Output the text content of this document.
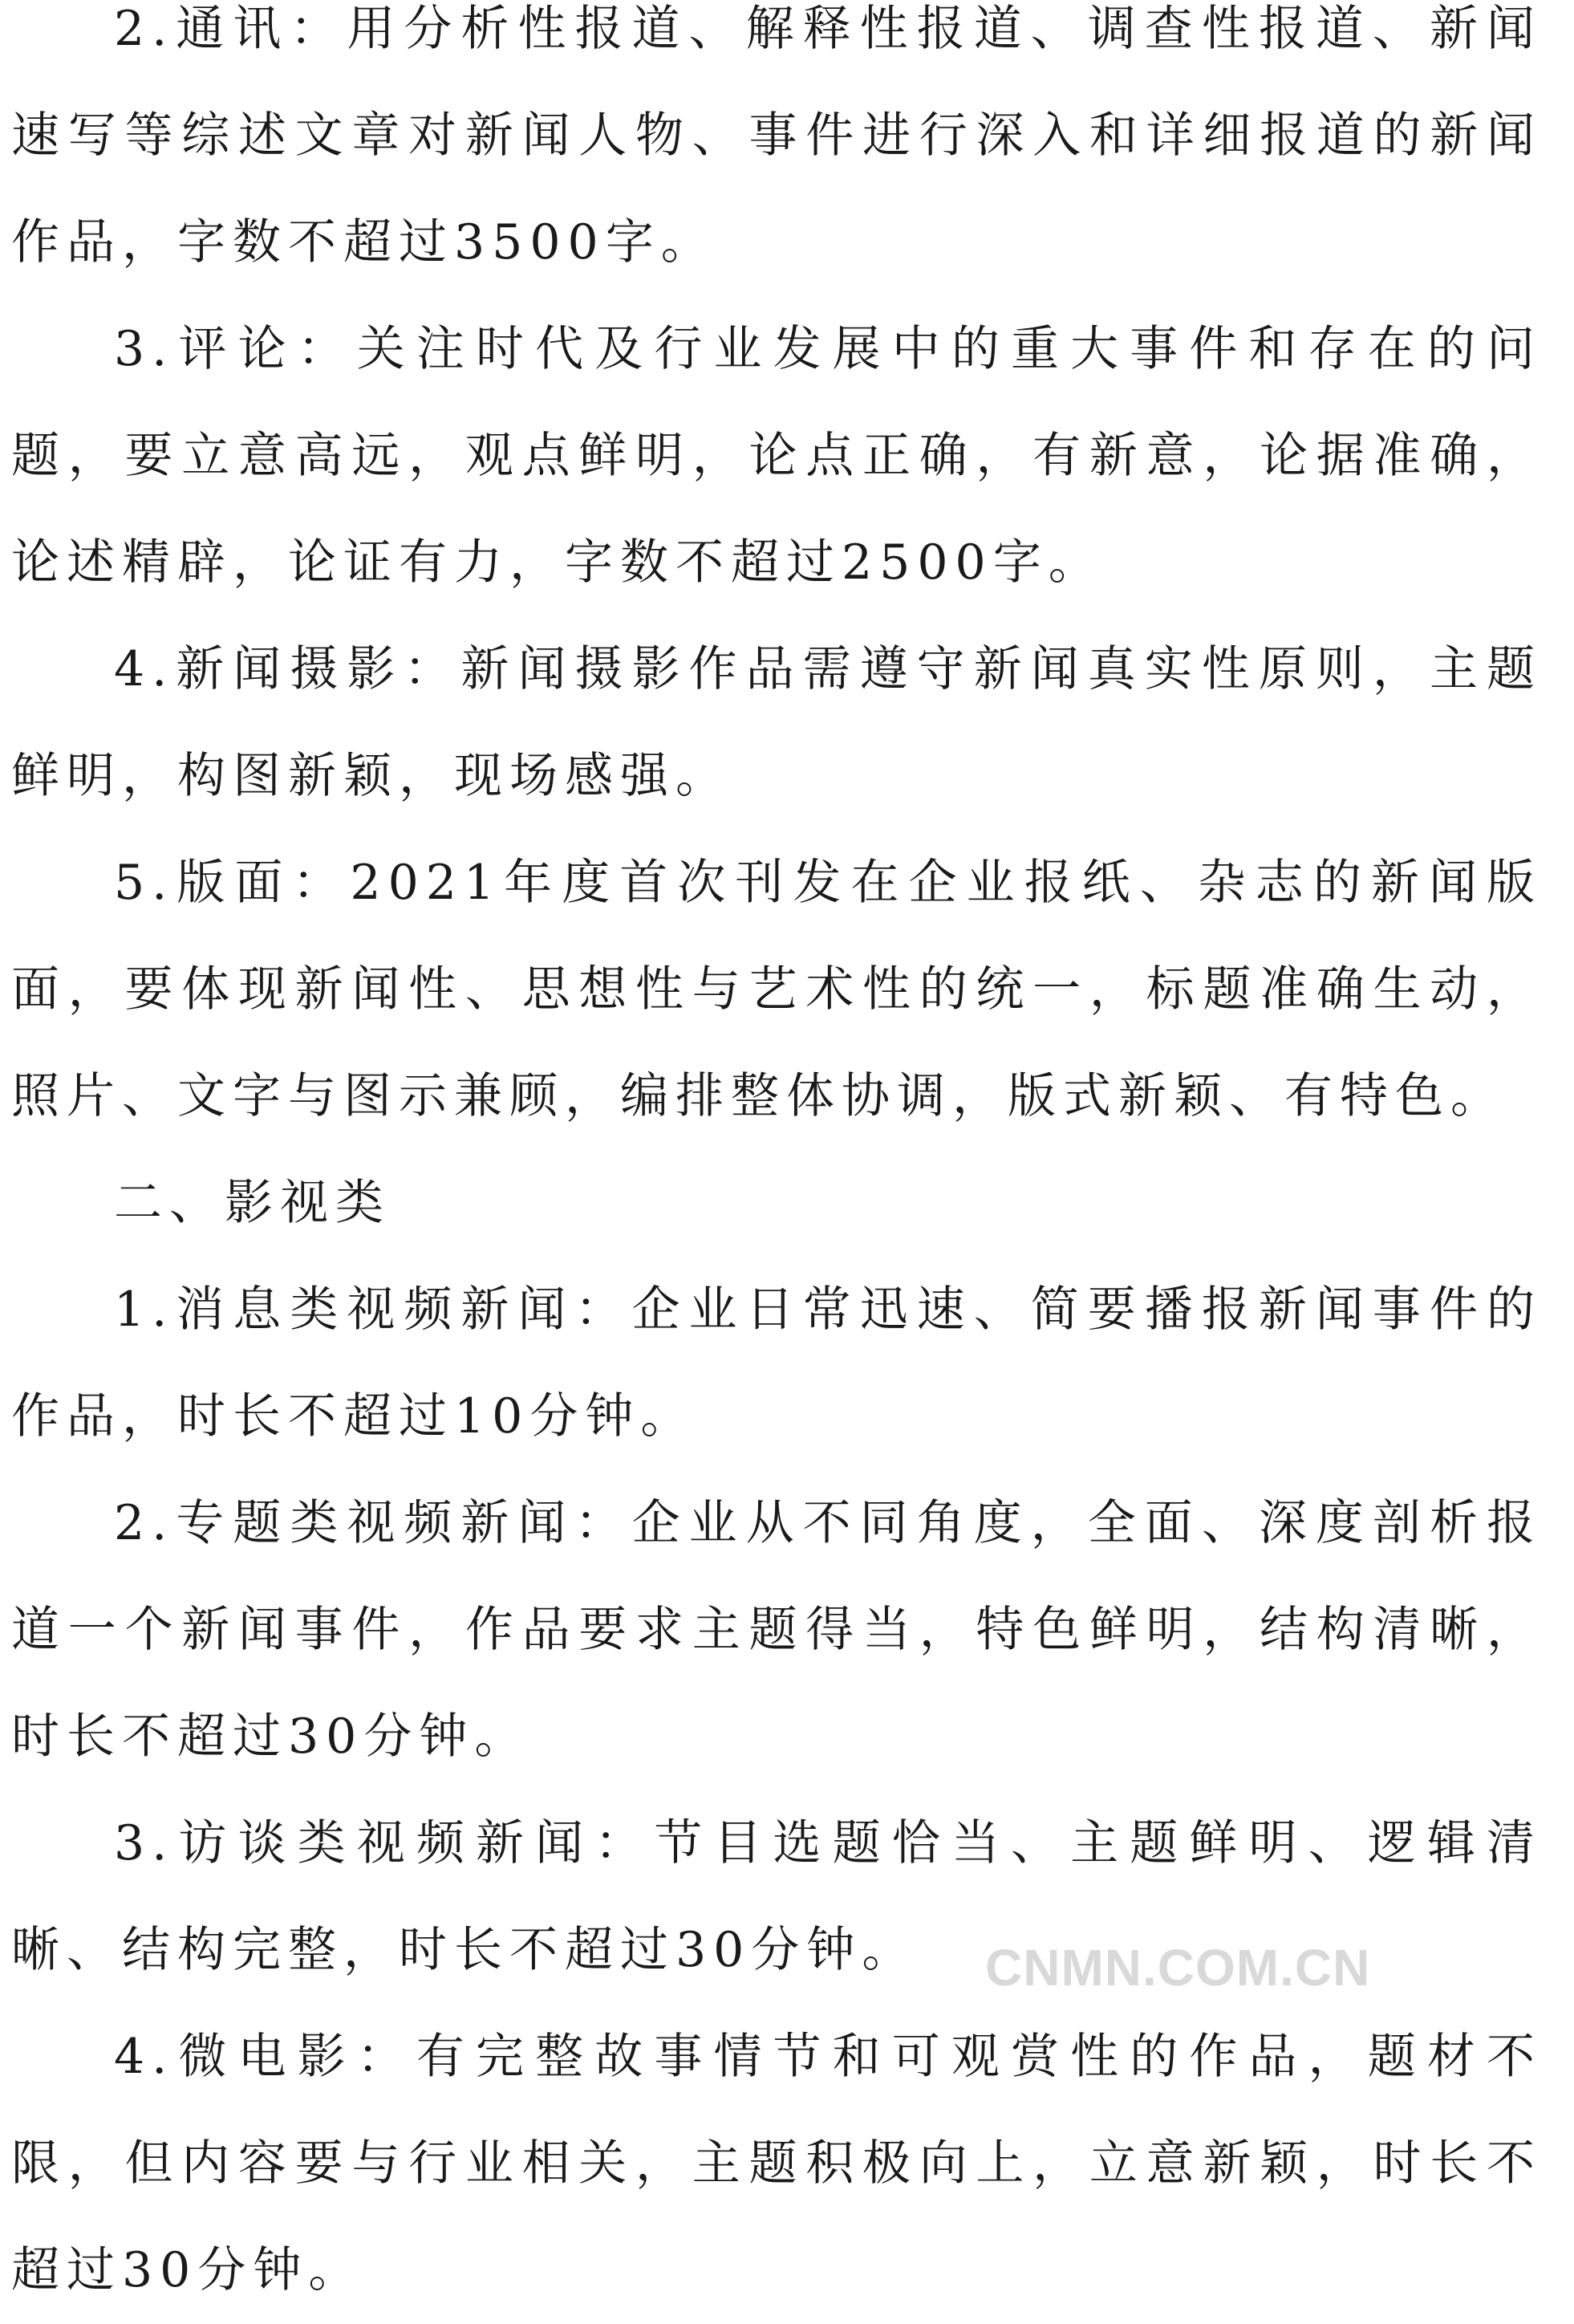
2.通讯：用分析性报道、解释性报道、调查性报道、新闻速写等综述文章对新闻人物、事件进行深入和详细报道的新闻作品，字数不超过3500字。

3.评论：关注时代及行业发展中的重大事件和存在的问题，要立意高远，观点鲜明，论点正确，有新意，论据准确，论述精辟，论证有力，字数不超过2500字。

4.新闻摄影：新闻摄影作品需遵守新闻真实性原则，主题鲜明，构图新颖，现场感强。

5.版面：2021年度首次刊发在企业报纸、杂志的新闻版面，要体现新闻性、思想性与艺术性的统一，标题准确生动，照片、文字与图示兼顾，编排整体协调，版式新颖、有特色。

二、影视类

1.消息类视频新闻：企业日常迅速、简要播报新闻事件的作品，时长不超过10分钟。

2.专题类视频新闻：企业从不同角度，全面、深度剖析报道一个新闻事件，作品要求主题得当，特色鲜明，结构清晰，时长不超过30分钟。

3.访谈类视频新闻：节目选题恰当、主题鲜明、逻辑清晰、结构完整，时长不超过30分钟。

4.微电影：有完整故事情节和可观赏性的作品，题材不限，但内容要与行业相关，主题积极向上，立意新颖，时长不超过30分钟。

CNMN.COM.CN
